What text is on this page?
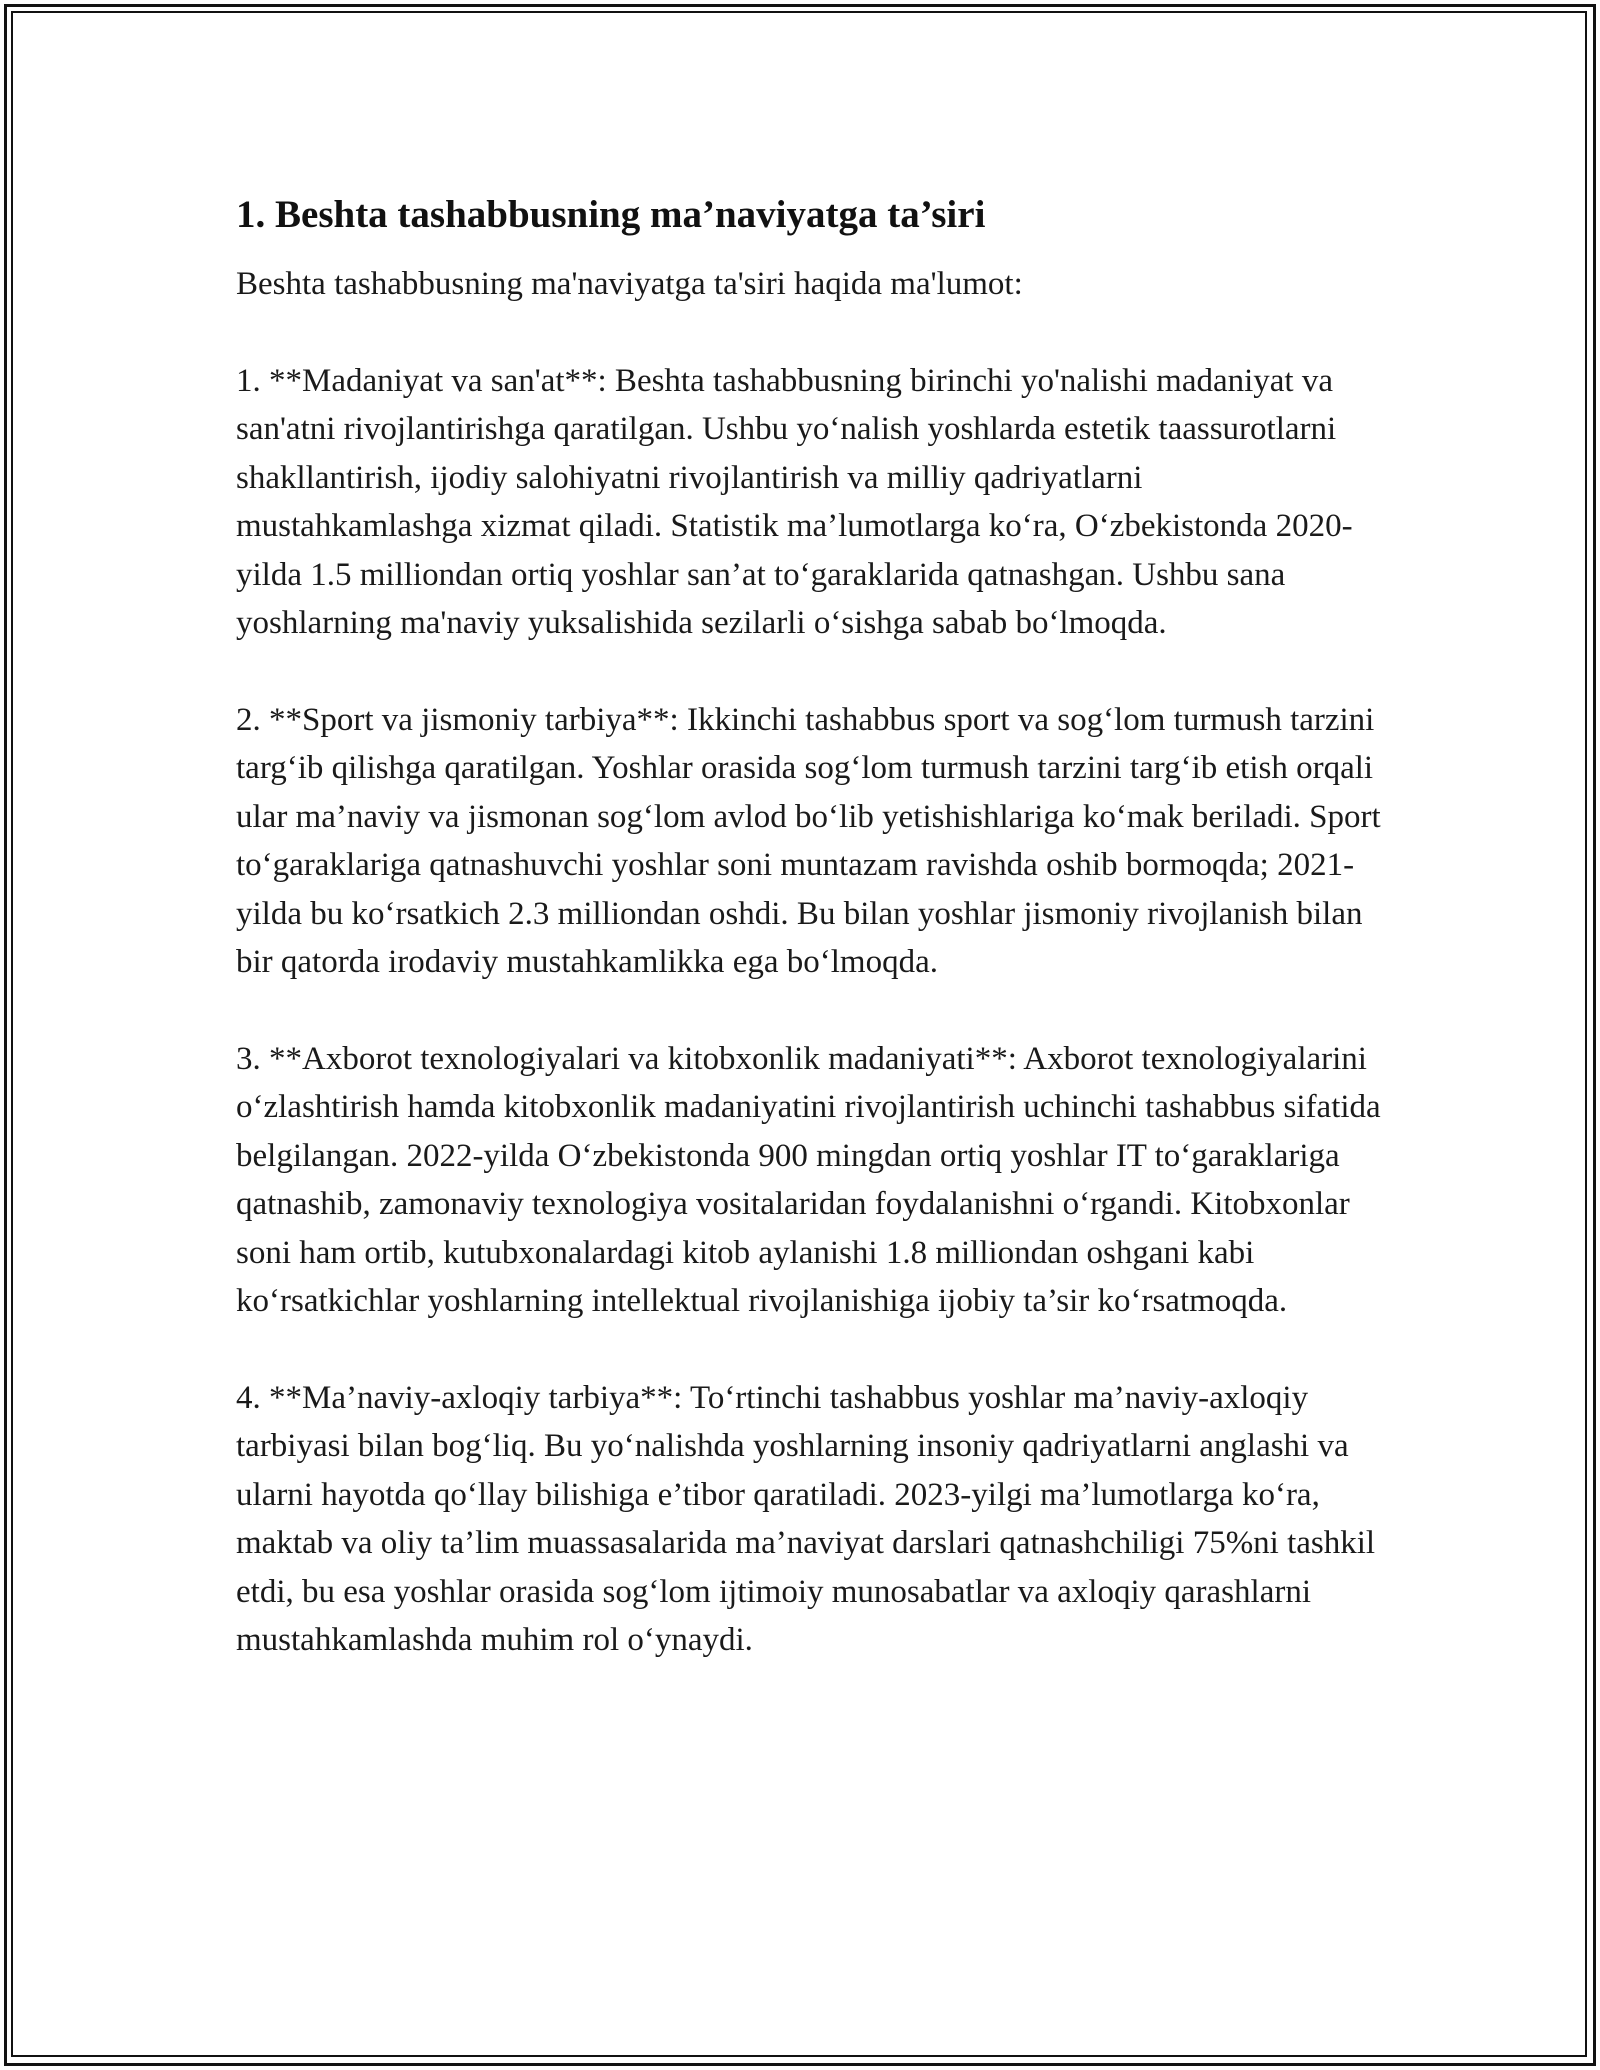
1. Beshta tashabbusning ma’naviyatga ta’siri

Beshta tashabbusning ma'naviyatga ta'siri haqida ma'lumot:

1. **Madaniyat va san'at**: Beshta tashabbusning birinchi yo'nalishi madaniyat va san'atni rivojlantirishga qaratilgan. Ushbu yo‘nalish yoshlarda estetik taassurotlarni shakllantirish, ijodiy salohiyatni rivojlantirish va milliy qadriyatlarni mustahkamlashga xizmat qiladi. Statistik ma’lumotlarga ko‘ra, O‘zbekistonda 2020-yilda 1.5 milliondan ortiq yoshlar san’at to‘garaklarida qatnashgan. Ushbu sana yoshlarning ma'naviy yuksalishida sezilarli o‘sishga sabab bo‘lmoqda.

2. **Sport va jismoniy tarbiya**: Ikkinchi tashabbus sport va sog‘lom turmush tarzini targ‘ib qilishga qaratilgan. Yoshlar orasida sog‘lom turmush tarzini targ‘ib etish orqali ular ma’naviy va jismonan sog‘lom avlod bo‘lib yetishishlariga ko‘mak beriladi. Sport to‘garaklariga qatnashuvchi yoshlar soni muntazam ravishda oshib bormoqda; 2021-yilda bu ko‘rsatkich 2.3 milliondan oshdi. Bu bilan yoshlar jismoniy rivojlanish bilan bir qatorda irodaviy mustahkamlikka ega bo‘lmoqda.

3. **Axborot texnologiyalari va kitobxonlik madaniyati**: Axborot texnologiyalarini o‘zlashtirish hamda kitobxonlik madaniyatini rivojlantirish uchinchi tashabbus sifatida belgilangan. 2022-yilda O‘zbekistonda 900 mingdan ortiq yoshlar IT to‘garaklariga qatnashib, zamonaviy texnologiya vositalaridan foydalanishni o‘rgandi. Kitobxonlar soni ham ortib, kutubxonalardagi kitob aylanishi 1.8 milliondan oshgani kabi ko‘rsatkichlar yoshlarning intellektual rivojlanishiga ijobiy ta’sir ko‘rsatmoqda.

4. **Ma’naviy-axloqiy tarbiya**: To‘rtinchi tashabbus yoshlar ma’naviy-axloqiy tarbiyasi bilan bog‘liq. Bu yo‘nalishda yoshlarning insoniy qadriyatlarni anglashi va ularni hayotda qo‘llay bilishiga e’tibor qaratiladi. 2023-yilgi ma’lumotlarga ko‘ra, maktab va oliy ta’lim muassasalarida ma’naviyat darslari qatnashchiligi 75%ni tashkil etdi, bu esa yoshlar orasida sog‘lom ijtimoiy munosabatlar va axloqiy qarashlarni mustahkamlashda muhim rol o‘ynaydi.
